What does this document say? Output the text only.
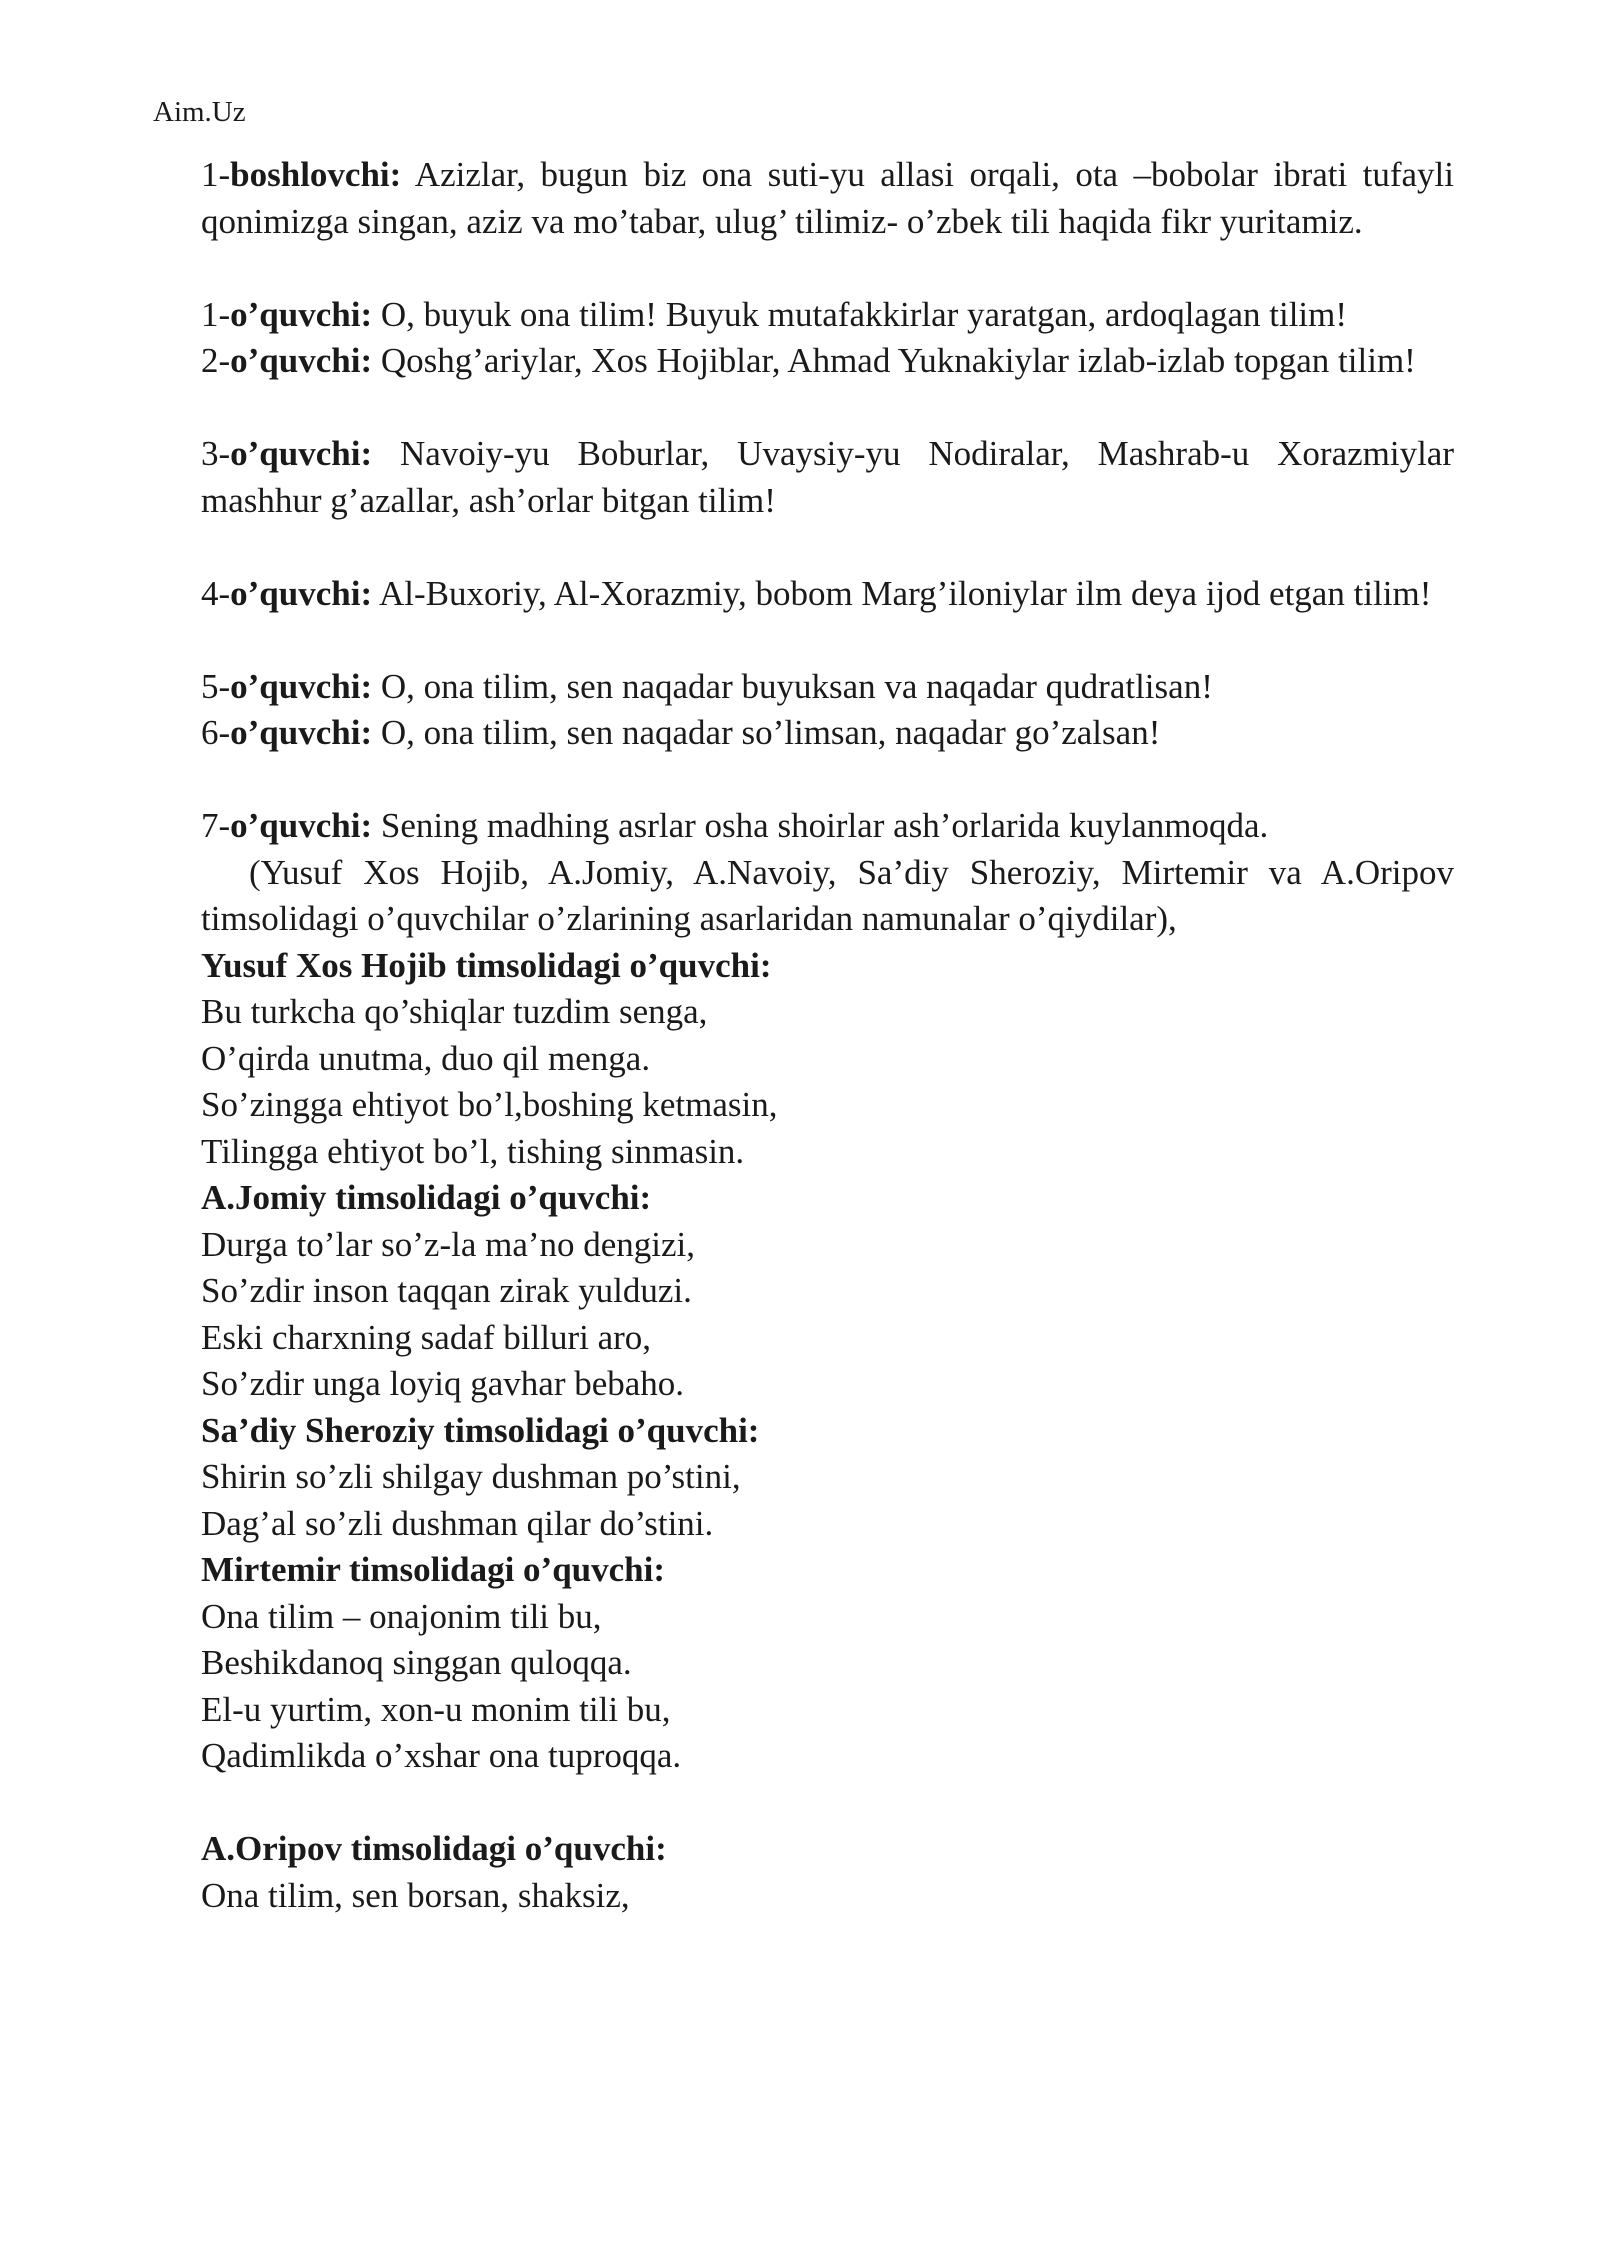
Aim.Uz

1-boshlovchi: Azizlar, bugun biz ona suti-yu allasi orqali, ota –bobolar ibrati tufayli qonimizga singan, aziz va mo’tabar, ulug’ tilimiz- o’zbek tili haqida fikr yuritamiz.

1-o’quvchi: O, buyuk ona tilim! Buyuk mutafakkirlar yaratgan, ardoqlagan tilim!

2-o’quvchi: Qoshg’ariylar, Xos Hojiblar, Ahmad Yuknakiylar izlab-izlab topgan tilim!

3-o’quvchi: Navoiy-yu Boburlar, Uvaysiy-yu Nodiralar, Mashrab-u Xorazmiylar mashhur g’azallar, ash’orlar bitgan tilim!

4-o’quvchi: Al-Buxoriy, Al-Xorazmiy, bobom Marg’iloniylar ilm deya ijod etgan tilim!

5-o’quvchi: O, ona tilim, sen naqadar buyuksan va naqadar qudratlisan!

6-o’quvchi: O, ona tilim, sen naqadar so’limsan, naqadar go’zalsan!

7-o’quvchi: Sening madhing asrlar osha shoirlar ash’orlarida kuylanmoqda.

(Yusuf Xos Hojib, A.Jomiy, A.Navoiy, Sa’diy Sheroziy, Mirtemir va A.Oripov timsolidagi o’quvchilar o’zlarining asarlaridan namunalar o’qiydilar),

Yusuf Xos Hojib timsolidagi o’quvchi:

Bu turkcha qo’shiqlar tuzdim senga,

O’qirda unutma, duo qil menga.

So’zingga ehtiyot bo’l,boshing ketmasin,

Tilingga ehtiyot bo’l, tishing sinmasin.

A.Jomiy timsolidagi o’quvchi:

Durga to’lar so’z-la ma’no dengizi,

So’zdir inson taqqan zirak yulduzi.

Eski charxning sadaf billuri aro,

So’zdir unga loyiq gavhar bebaho.

Sa’diy Sheroziy timsolidagi o’quvchi:

Shirin so’zli shilgay dushman po’stini,

Dag’al so’zli dushman qilar do’stini.

Mirtemir timsolidagi o’quvchi:

Ona tilim – onajonim tili bu,

Beshikdanoq singgan quloqqa.

El-u yurtim, xon-u monim tili bu,

Qadimlikda o’xshar ona tuproqqa.

A.Oripov timsolidagi o’quvchi:

Ona tilim, sen borsan, shaksiz,
